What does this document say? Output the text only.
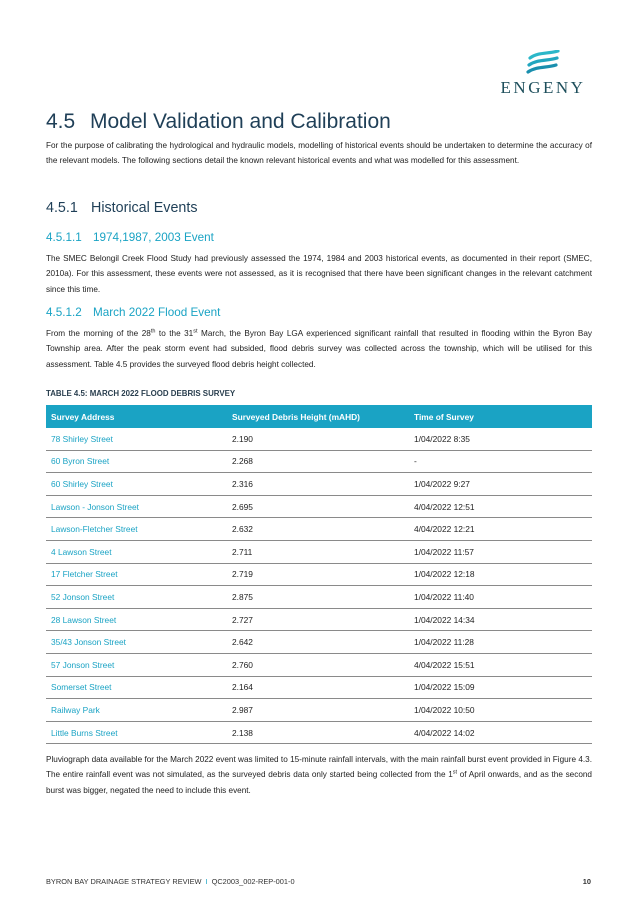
ENGENY
4.5 Model Validation and Calibration
For the purpose of calibrating the hydrological and hydraulic models, modelling of historical events should be undertaken to determine the accuracy of the relevant models. The following sections detail the known relevant historical events and what was modelled for this assessment.
4.5.1 Historical Events
4.5.1.1 1974,1987, 2003 Event
The SMEC Belongil Creek Flood Study had previously assessed the 1974, 1984 and 2003 historical events, as documented in their report (SMEC, 2010a). For this assessment, these events were not assessed, as it is recognised that there have been significant changes in the relevant catchment since this time.
4.5.1.2 March 2022 Flood Event
From the morning of the 28th to the 31st March, the Byron Bay LGA experienced significant rainfall that resulted in flooding within the Byron Bay Township area. After the peak storm event had subsided, flood debris survey was collected across the township, which will be utilised for this assessment. Table 4.5 provides the surveyed flood debris height collected.
TABLE 4.5: MARCH 2022 FLOOD DEBRIS SURVEY
Survey Address	Surveyed Debris Height (mAHD)	Time of Survey
78 Shirley Street	2.190	1/04/2022 8:35
60 Byron Street	2.268	-
60 Shirley Street	2.316	1/04/2022 9:27
Lawson - Jonson Street	2.695	4/04/2022 12:51
Lawson-Fletcher Street	2.632	4/04/2022 12:21
4 Lawson Street	2.711	1/04/2022 11:57
17 Fletcher Street	2.719	1/04/2022 12:18
52 Jonson Street	2.875	1/04/2022 11:40
28 Lawson Street	2.727	1/04/2022 14:34
35/43 Jonson Street	2.642	1/04/2022 11:28
57 Jonson Street	2.760	4/04/2022 15:51
Somerset Street	2.164	1/04/2022 15:09
Railway Park	2.987	1/04/2022 10:50
Little Burns Street	2.138	4/04/2022 14:02
Pluviograph data available for the March 2022 event was limited to 15-minute rainfall intervals, with the main rainfall burst event provided in Figure 4.3. The entire rainfall event was not simulated, as the surveyed debris data only started being collected from the 1st of April onwards, and as the second burst was bigger, negated the need to include this event.
BYRON BAY DRAINAGE STRATEGY REVIEW I QC2003_002-REP-001-0	10
